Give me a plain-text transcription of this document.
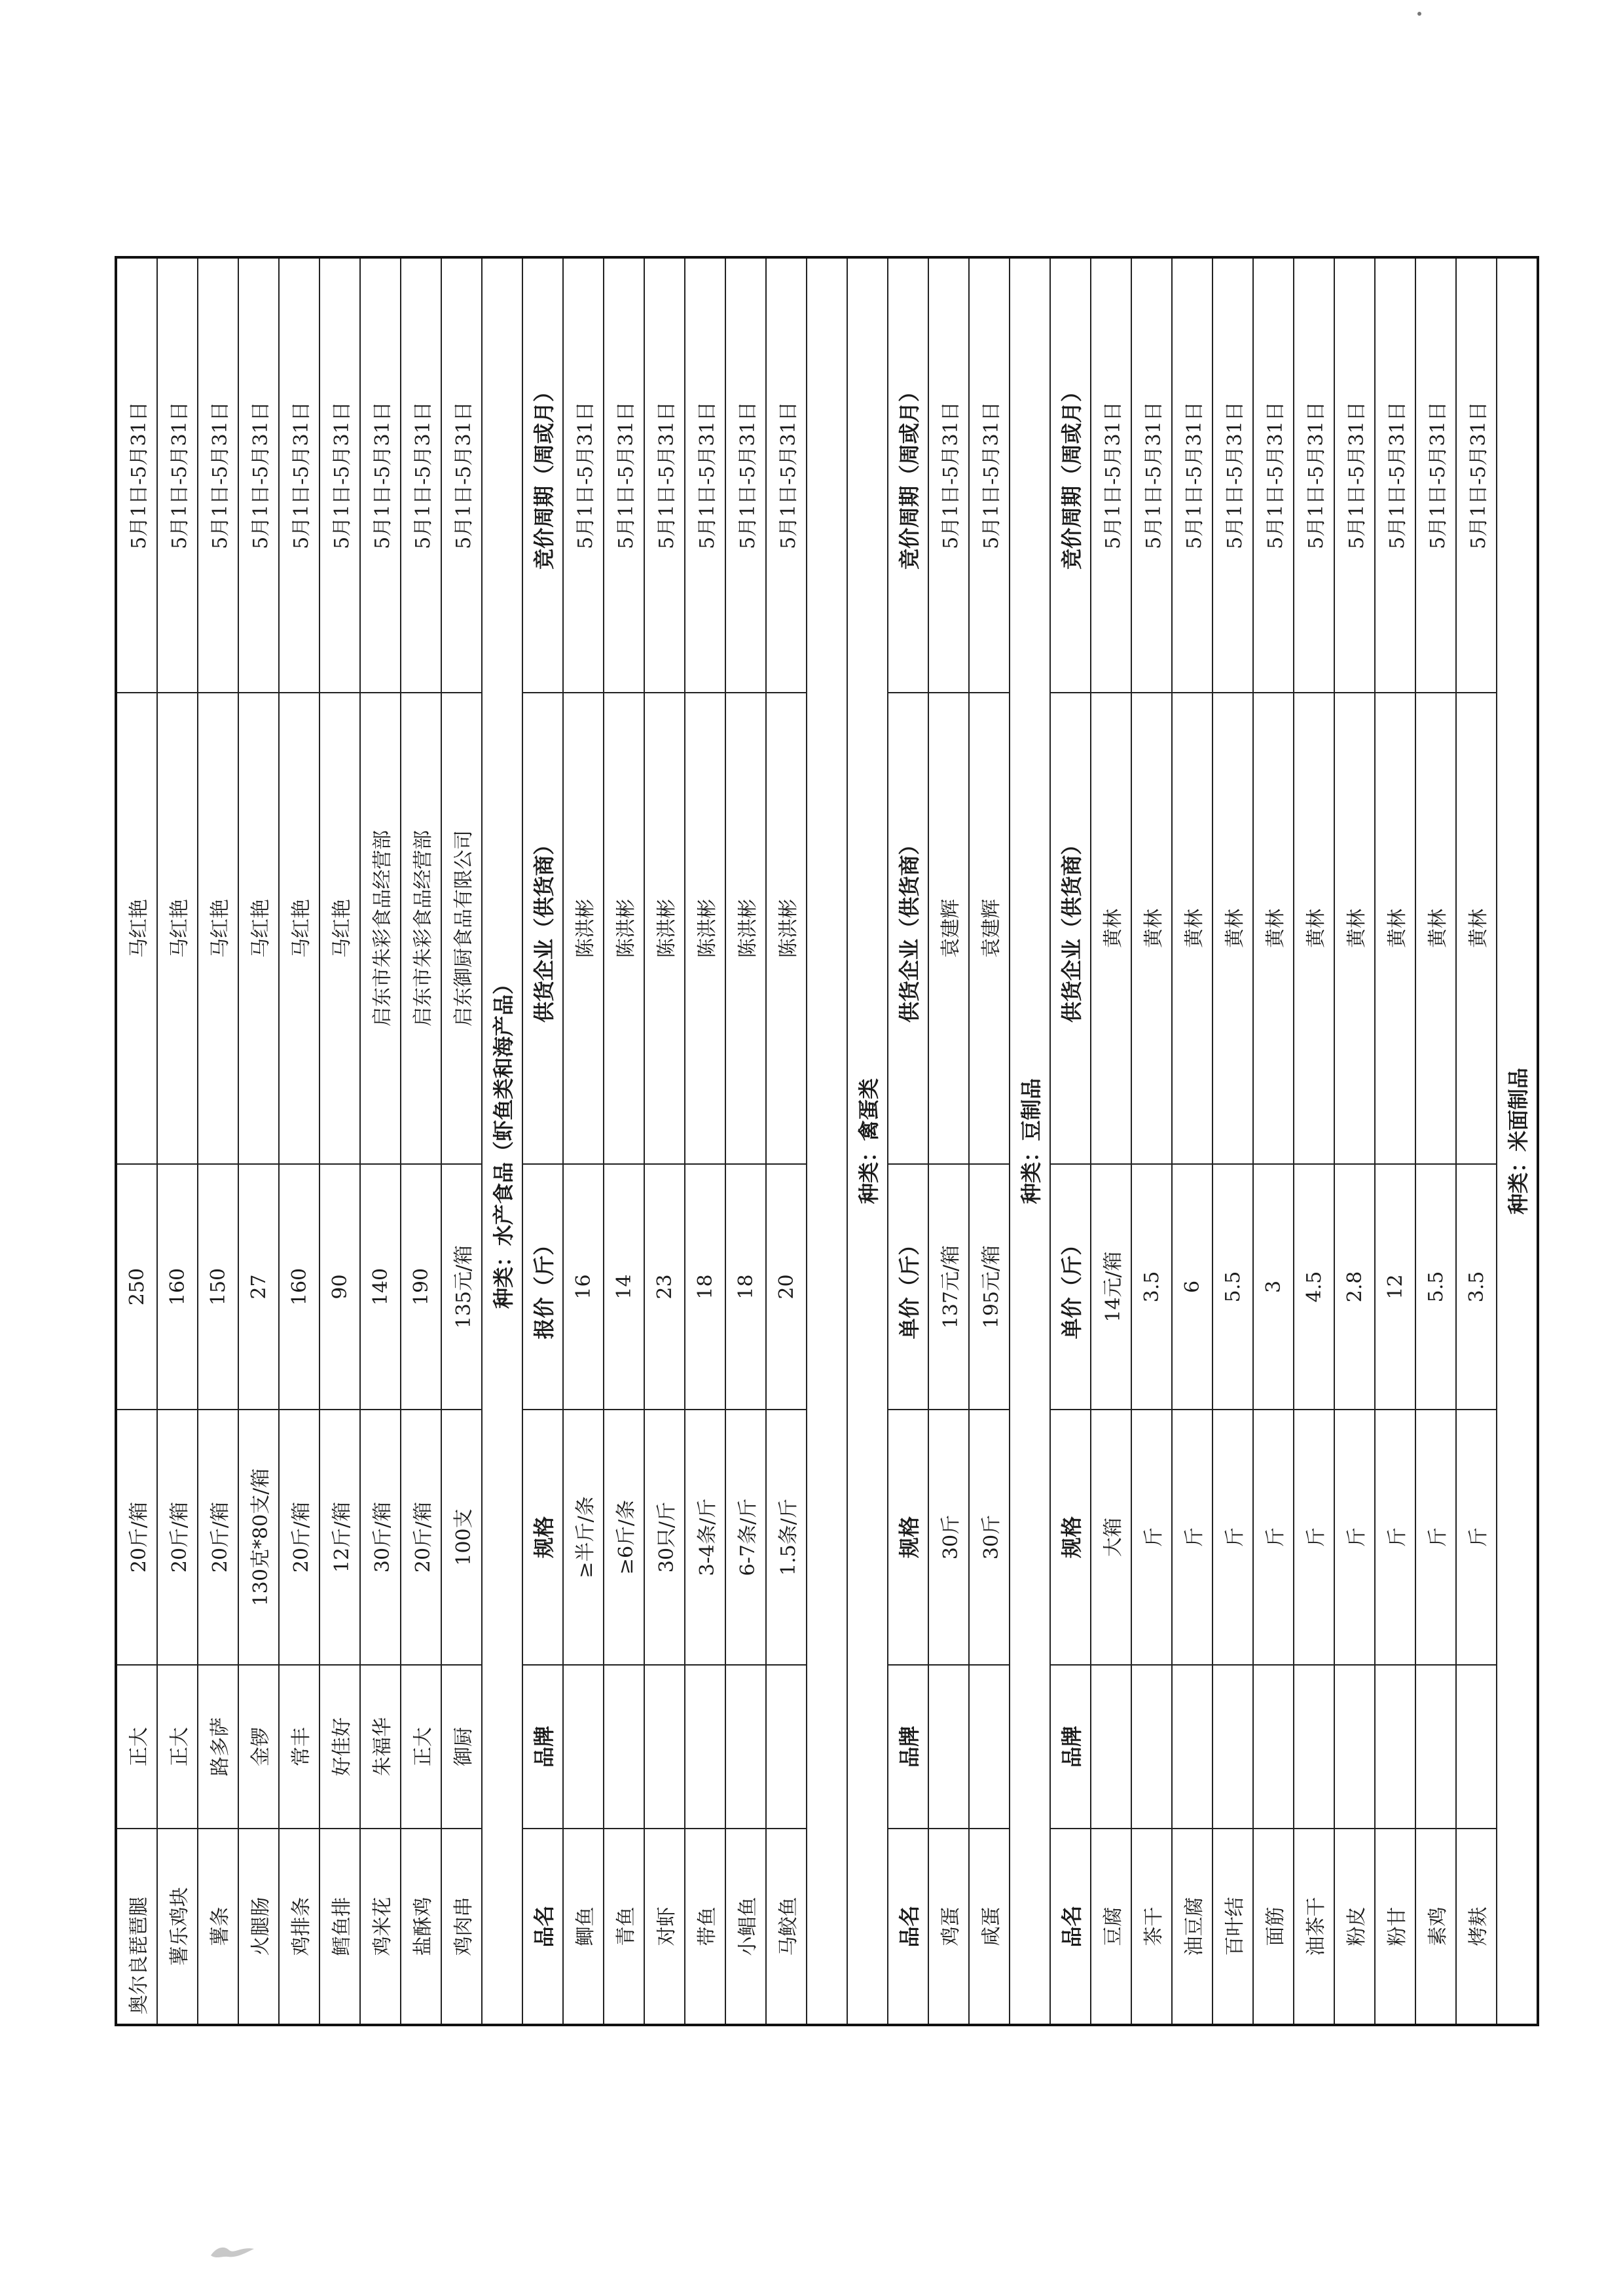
奥尔良琵琶腿	正大	20斤/箱	250	马红艳	5月1日-5月31日
薯乐鸡块	正大	20斤/箱	160	马红艳	5月1日-5月31日
薯条	路多萨	20斤/箱	150	马红艳	5月1日-5月31日
火腿肠	金锣	130克*80支/箱	27	马红艳	5月1日-5月31日
鸡排条	常丰	20斤/箱	160	马红艳	5月1日-5月31日
鳕鱼排	好佳好	12斤/箱	90	马红艳	5月1日-5月31日
鸡米花	朱福华	30斤/箱	140	启东市朱彩食品经营部	5月1日-5月31日
盐酥鸡	正大	20斤/箱	190	启东市朱彩食品经营部	5月1日-5月31日
鸡肉串	御厨	100支	135元/箱	启东御厨食品有限公司	5月1日-5月31日
种类：水产食品（虾鱼类和海产品）					
品名	品牌	规格	报价（斤）	供货企业（供货商）	竞价周期（周或月）
鲫鱼		≥半斤/条	16	陈洪彬	5月1日-5月31日
青鱼		≥6斤/条	14	陈洪彬	5月1日-5月31日
对虾		30只/斤	23	陈洪彬	5月1日-5月31日
带鱼		3-4条/斤	18	陈洪彬	5月1日-5月31日
小鲳鱼		6-7条/斤	18	陈洪彬	5月1日-5月31日
马鲛鱼		1.5条/斤	20	陈洪彬	5月1日-5月31日

种类：禽蛋类					
品名	品牌	规格	单价（斤）	供货企业（供货商）	竞价周期（周或月）
鸡蛋		30斤	137元/箱	袁建辉	5月1日-5月31日
咸蛋		30斤	195元/箱	袁建辉	5月1日-5月31日
种类：豆制品					
品名	品牌	规格	单价（斤）	供货企业（供货商）	竞价周期（周或月）
豆腐		大箱	14元/箱	黄林	5月1日-5月31日
茶干		斤	3.5	黄林	5月1日-5月31日
油豆腐		斤	6	黄林	5月1日-5月31日
百叶结		斤	5.5	黄林	5月1日-5月31日
面筋		斤	3	黄林	5月1日-5月31日
油茶干		斤	4.5	黄林	5月1日-5月31日
粉皮		斤	2.8	黄林	5月1日-5月31日
粉甘		斤	12	黄林	5月1日-5月31日
素鸡		斤	5.5	黄林	5月1日-5月31日
烤麸		斤	3.5	黄林	5月1日-5月31日
种类：米面制品					
